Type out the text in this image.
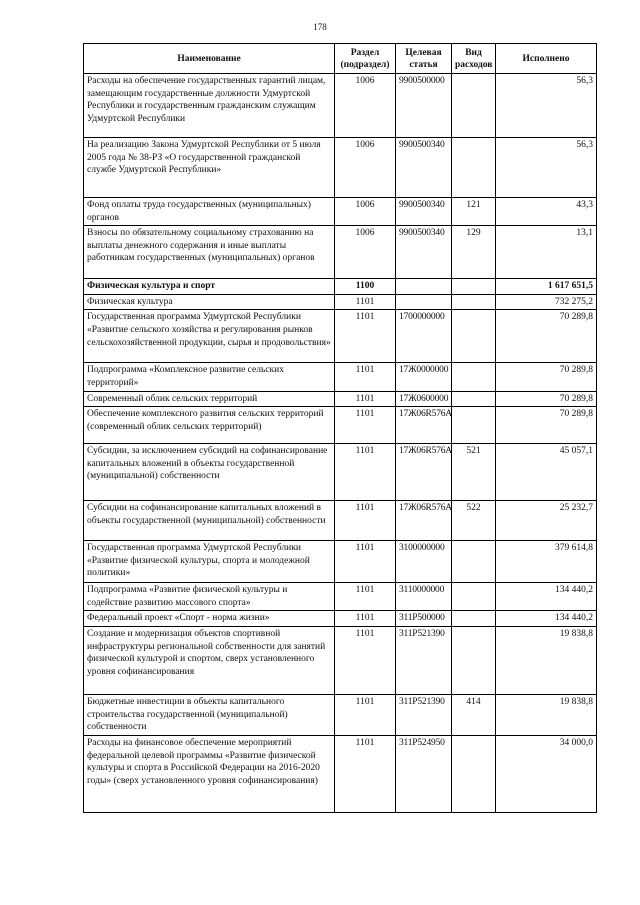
178
Наименование	Раздел (подраздел)	Целевая статья	Вид расходов	Исполнено
Расходы на обеспечение государственных гарантий лицам, замещающим государственные должности Удмуртской Республики и государственным гражданским служащим Удмуртской Республики	1006	9900500000		56,3
На реализацию Закона Удмуртской Республики от 5 июля 2005 года № 38-РЗ «О государственной гражданской службе Удмуртской Республики»	1006	9900500340		56,3
Фонд оплаты труда государственных (муниципальных) органов	1006	9900500340	121	43,3
Взносы по обязательному социальному страхованию на выплаты денежного содержания и иные выплаты работникам государственных (муниципальных) органов	1006	9900500340	129	13,1
Физическая культура и спорт	1100			1 617 651,5
Физическая культура	1101			732 275,2
Государственная программа Удмуртской Республики «Развитие сельского хозяйства и регулирования рынков сельскохозяйственной продукции, сырья и продовольствия»	1101	1700000000		70 289,8
Подпрограмма «Комплексное развитие сельских территорий»	1101	17Ж0000000		70 289,8
Современный облик сельских территорий	1101	17Ж0600000		70 289,8
Обеспечение комплексного развития сельских территорий (современный облик сельских территорий)	1101	17Ж06R576A		70 289,8
Субсидии, за исключением субсидий на софинансирование капитальных вложений в объекты государственной (муниципальной) собственности	1101	17Ж06R576A	521	45 057,1
Субсидии на софинансирование капитальных вложений в объекты государственной (муниципальной) собственности	1101	17Ж06R576A	522	25 232,7
Государственная программа Удмуртской Республики «Развитие физической культуры, спорта и молодежной политики»	1101	3100000000		379 614,8
Подпрограмма «Развитие физической культуры и содействие развитию массового спорта»	1101	3110000000		134 440,2
Федеральный проект «Спорт - норма жизни»	1101	311P500000		134 440,2
Создание и модернизация объектов спортивной инфраструктуры региональной собственности для занятий физической культурой и спортом, сверх установленного уровня софинансирования	1101	311P521390		19 838,8
Бюджетные инвестиции в объекты капитального строительства государственной (муниципальной) собственности	1101	311P521390	414	19 838,8
Расходы на финансовое обеспечение мероприятий федеральной целевой программы «Развитие физической культуры и спорта в Российской Федерации на 2016-2020 годы» (сверх установленного уровня софинансирования)	1101	311P524950		34 000,0
